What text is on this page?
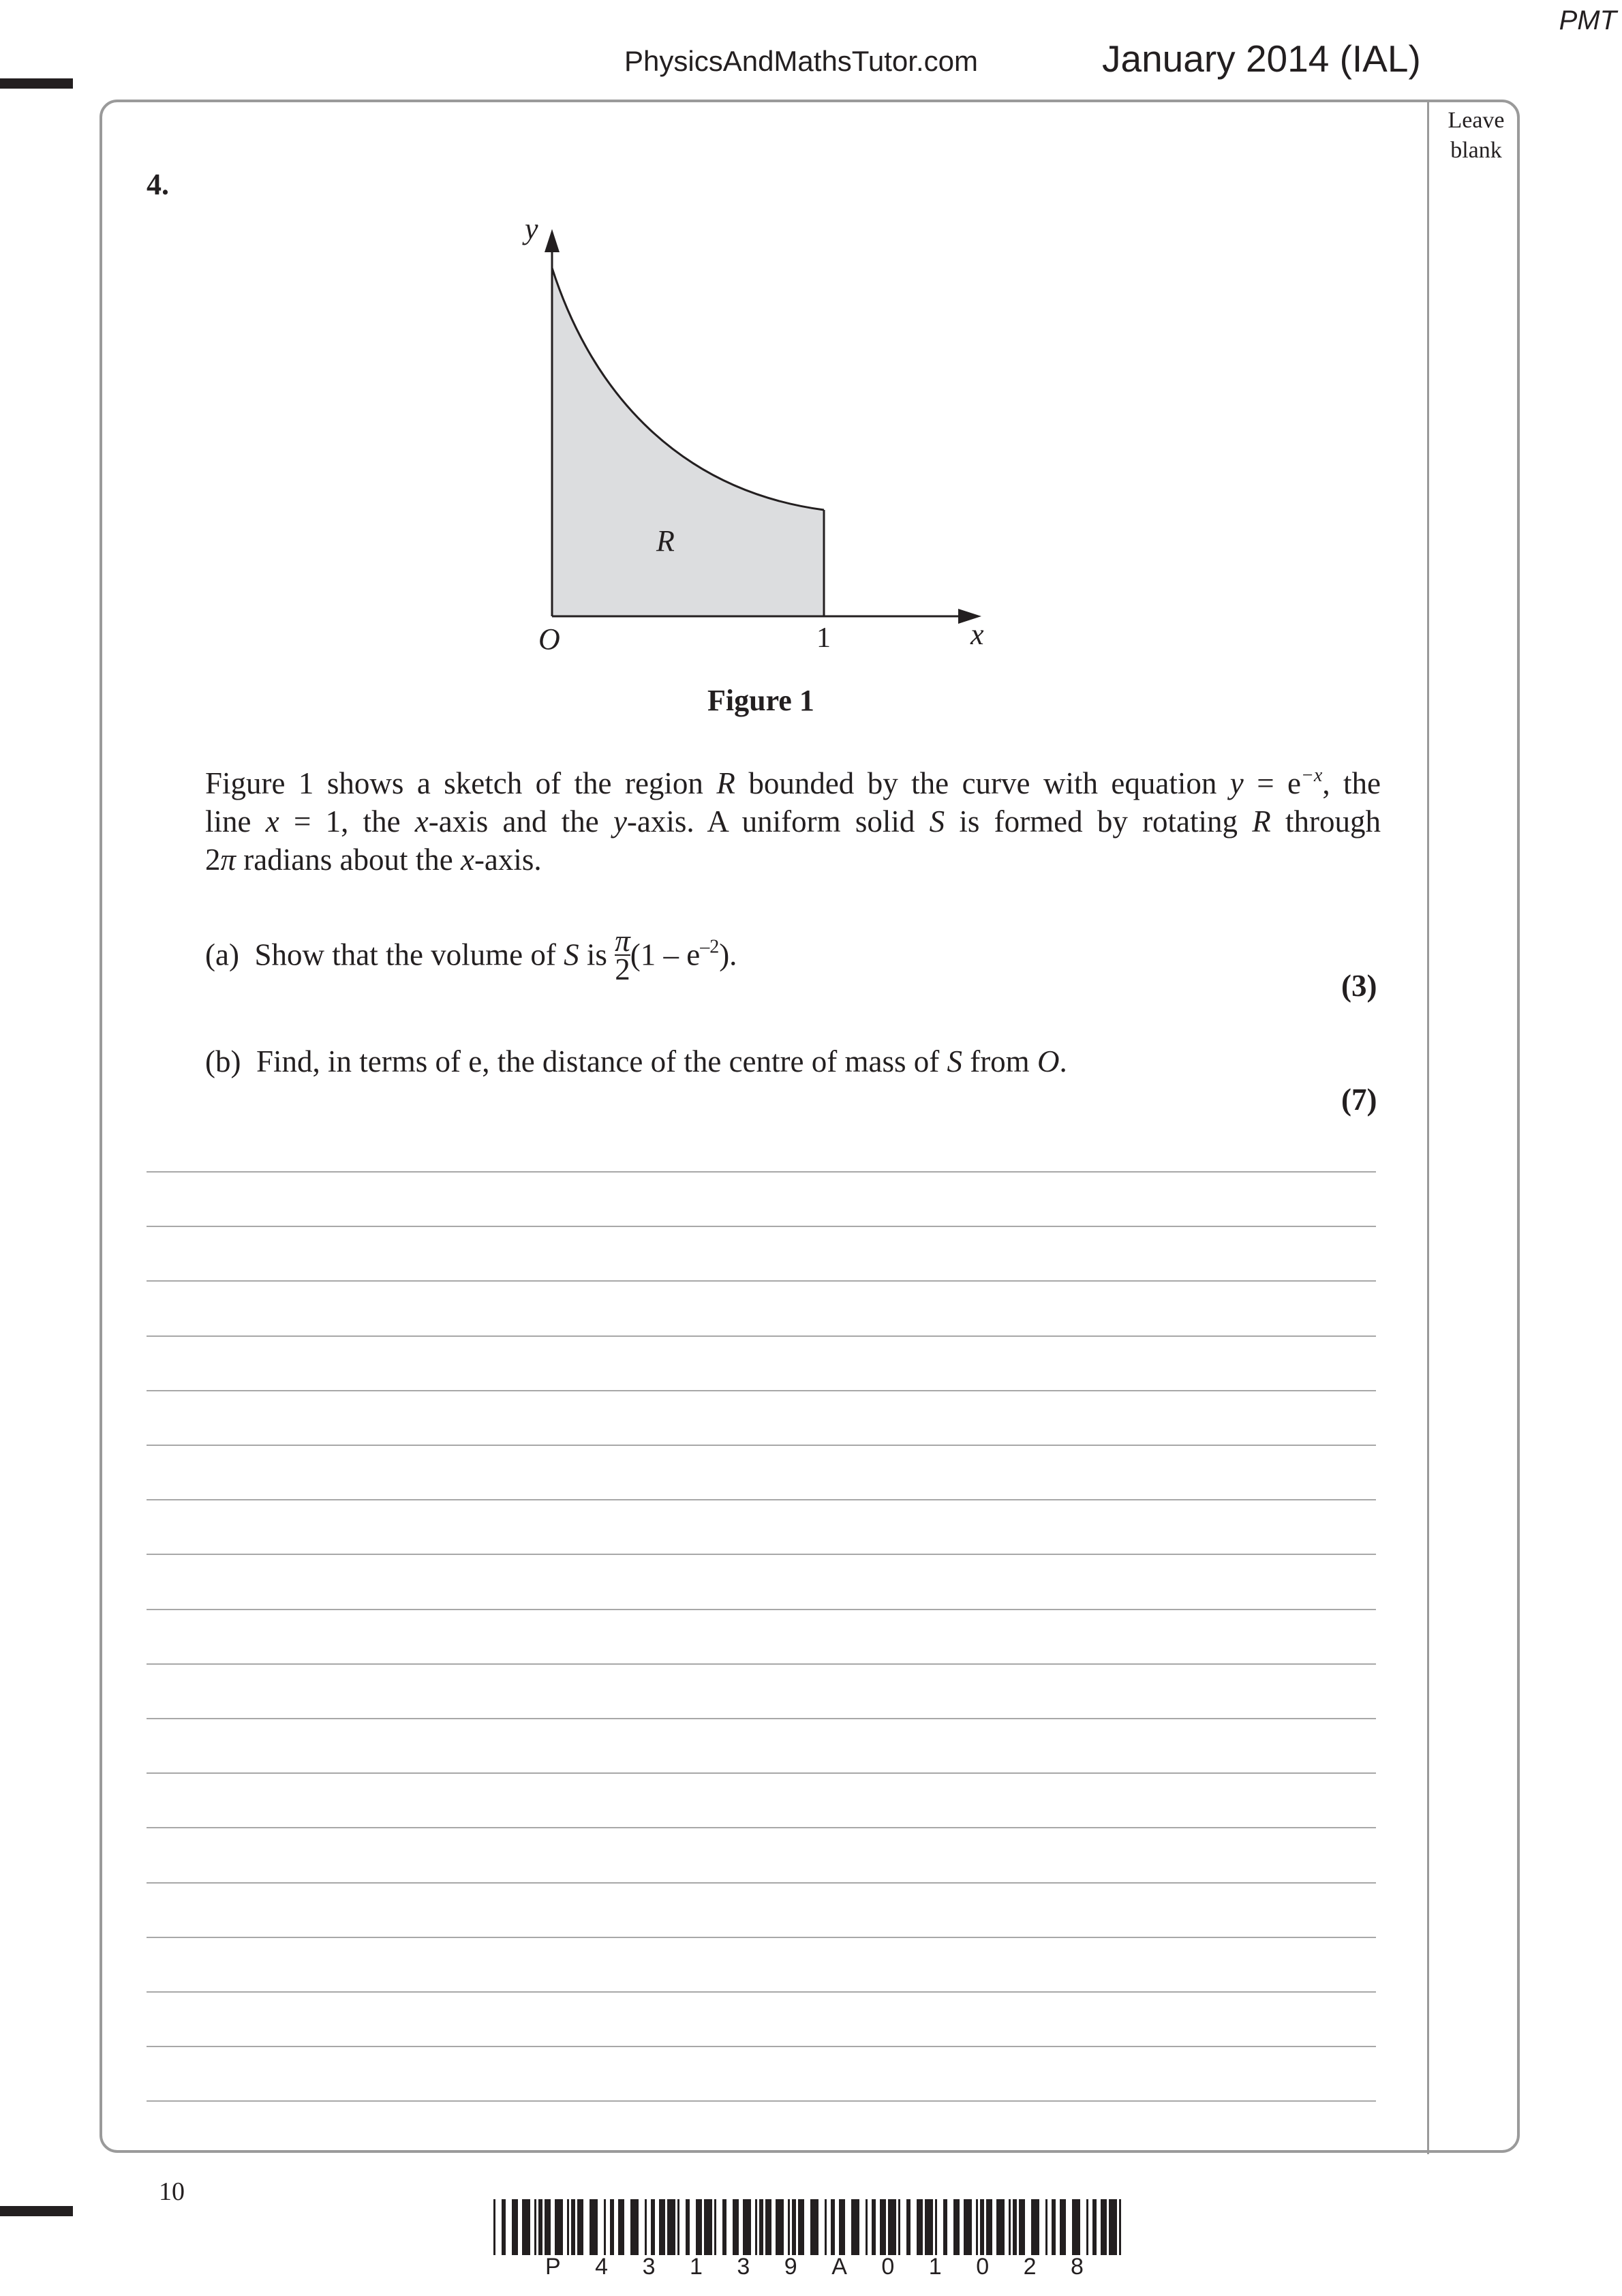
PMT
PhysicsAndMathsTutor.com	January 2014 (IAL)
Leave
blank
4.
y
x
O	1
R
Figure 1
Figure 1 shows a sketch of the region R bounded by the curve with equation $y = e^{-x}$, the
line x = 1, the x-axis and the y-axis. A uniform solid S is formed by rotating R through
2π radians about the x-axis.
(a) Show that the volume of S is $\frac{\pi}{2} (1 - e^{-2})$.
(3)
(b) Find, in terms of e, the distance of the centre of mass of S from O.
(7)
10
P 4 3 1 3 9 A 0 1 0 2 8
